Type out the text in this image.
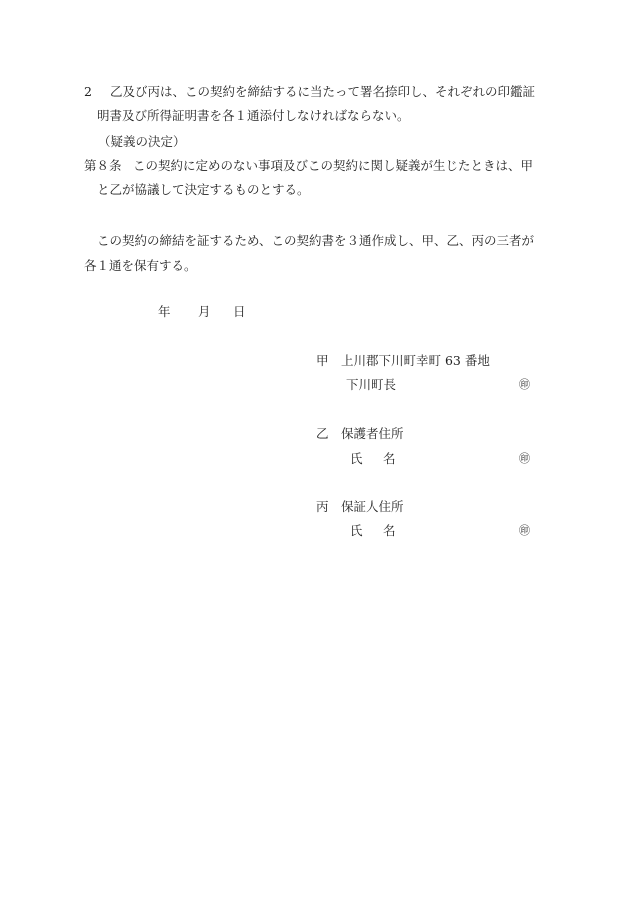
2 乙及び丙は、この契約を締結するに当たって署名捺印し、それぞれの印鑑証
明書及び所得証明書を各１通添付しなければならない。
（疑義の決定）
第８条 この契約に定めのない事項及びこの契約に関し疑義が生じたときは、甲
と乙が協議して決定するものとする。
この契約の締結を証するため、この契約書を３通作成し、甲、乙、丙の三者が
各１通を保有する。
年 月 日
甲 上川郡下川町幸町 63 番地
下川町長	㊞
乙 保護者住所
氏 名	㊞
丙 保証人住所
氏 名	㊞
